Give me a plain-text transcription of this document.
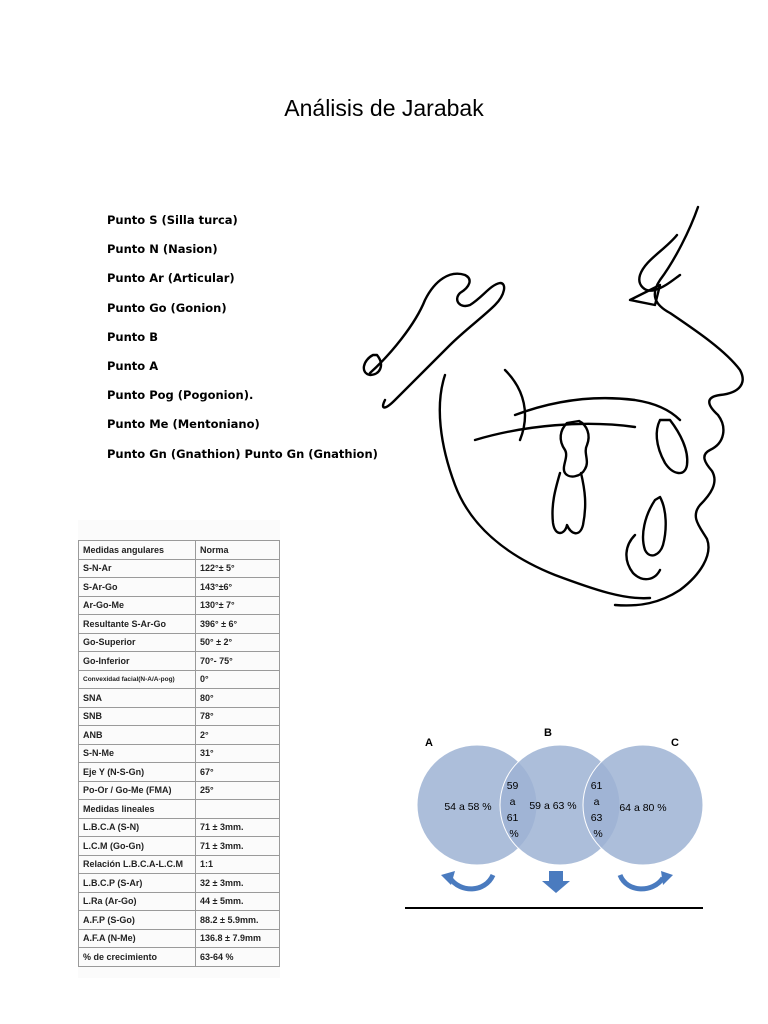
Análisis de Jarabak
Punto S (Silla turca)
Punto N (Nasion)
Punto Ar (Articular)
Punto Go (Gonion)
Punto B
Punto A
Punto Pog (Pogonion).
Punto Me (Mentoniano)
Punto Gn (Gnathion) Punto Gn (Gnathion)
Medidas angulares	Norma
S-N-Ar	122°± 5°
S-Ar-Go	143°±6°
Ar-Go-Me	130°± 7°
Resultante S-Ar-Go	396° ± 6°
Go-Superior	50° ± 2°
Go-Inferior	70°- 75°
Convexidad facial(N-A/A-pog)	0°
SNA	80°
SNB	78°
ANB	2°
S-N-Me	31°
Eje Y (N-S-Gn)	67°
Po-Or / Go-Me (FMA)	25°
Medidas lineales	
L.B.C.A (S-N)	71 ± 3mm.
L.C.M (Go-Gn)	71 ± 3mm.
Relación L.B.C.A-L.C.M	1:1
L.B.C.P (S-Ar)	32 ± 3mm.
L.Ra (Ar-Go)	44 ± 5mm.
A.F.P (S-Go)	88.2 ± 5.9mm.
A.F.A (N-Me)	136.8 ± 7.9mm
% de crecimiento	63-64 %
A
B
C
54 a 58 %	59 a 63 %	64 a 80 %
59 a 61 %
61 a 63 %
